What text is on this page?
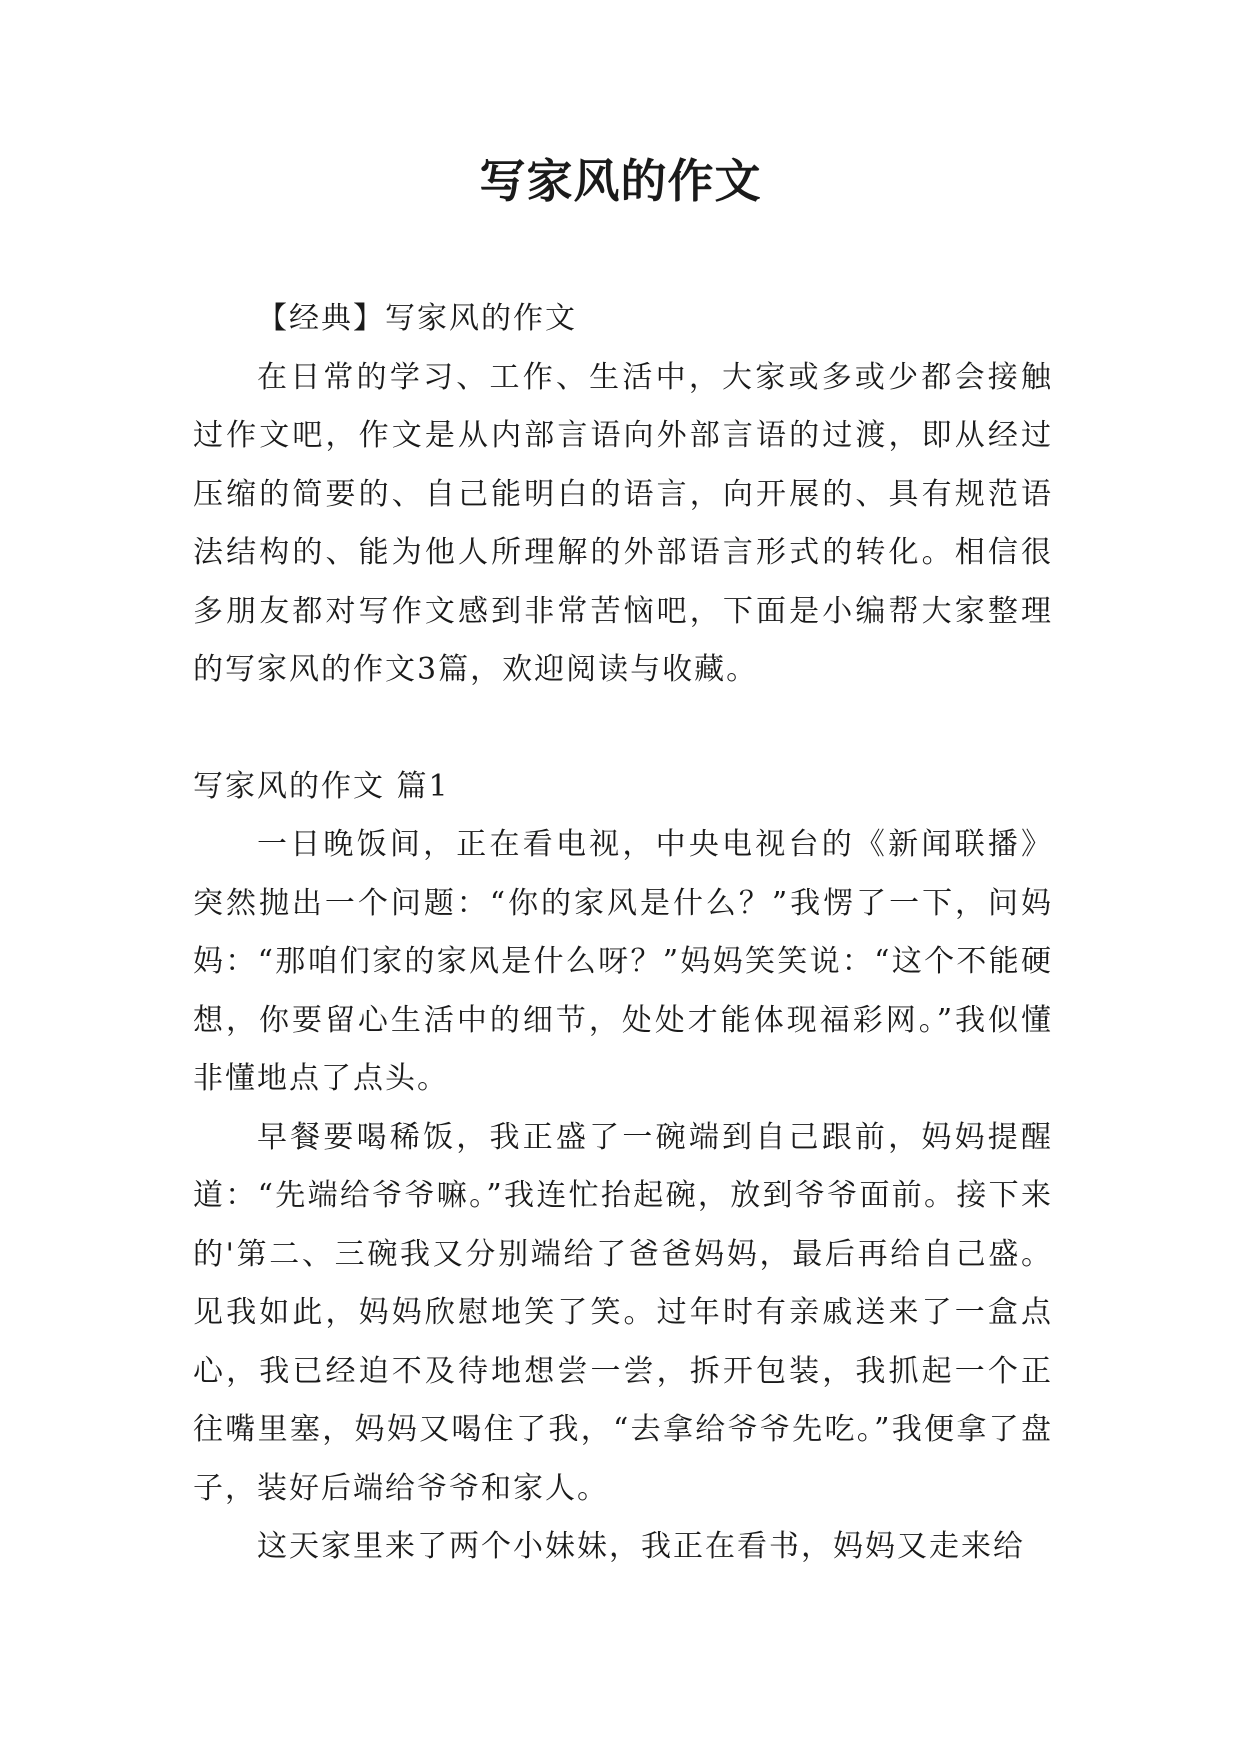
写家风的作文

【经典】写家风的作文

在日常的学习、工作、生活中，大家或多或少都会接触过作文吧，作文是从内部言语向外部言语的过渡，即从经过压缩的简要的、自己能明白的语言，向开展的、具有规范语法结构的、能为他人所理解的外部语言形式的转化。相信很多朋友都对写作文感到非常苦恼吧，下面是小编帮大家整理的写家风的作文3篇，欢迎阅读与收藏。

写家风的作文 篇1

一日晚饭间，正在看电视，中央电视台的《新闻联播》突然抛出一个问题：“你的家风是什么？”我愣了一下，问妈妈：“那咱们家的家风是什么呀？”妈妈笑笑说：“这个不能硬想，你要留心生活中的细节，处处才能体现福彩网。”我似懂非懂地点了点头。

早餐要喝稀饭，我正盛了一碗端到自己跟前，妈妈提醒道：“先端给爷爷嘛。”我连忙抬起碗，放到爷爷面前。接下来的'第二、三碗我又分别端给了爸爸妈妈，最后再给自己盛。见我如此，妈妈欣慰地笑了笑。过年时有亲戚送来了一盒点心，我已经迫不及待地想尝一尝，拆开包装，我抓起一个正往嘴里塞，妈妈又喝住了我，“去拿给爷爷先吃。”我便拿了盘子，装好后端给爷爷和家人。

这天家里来了两个小妹妹，我正在看书，妈妈又走来给
